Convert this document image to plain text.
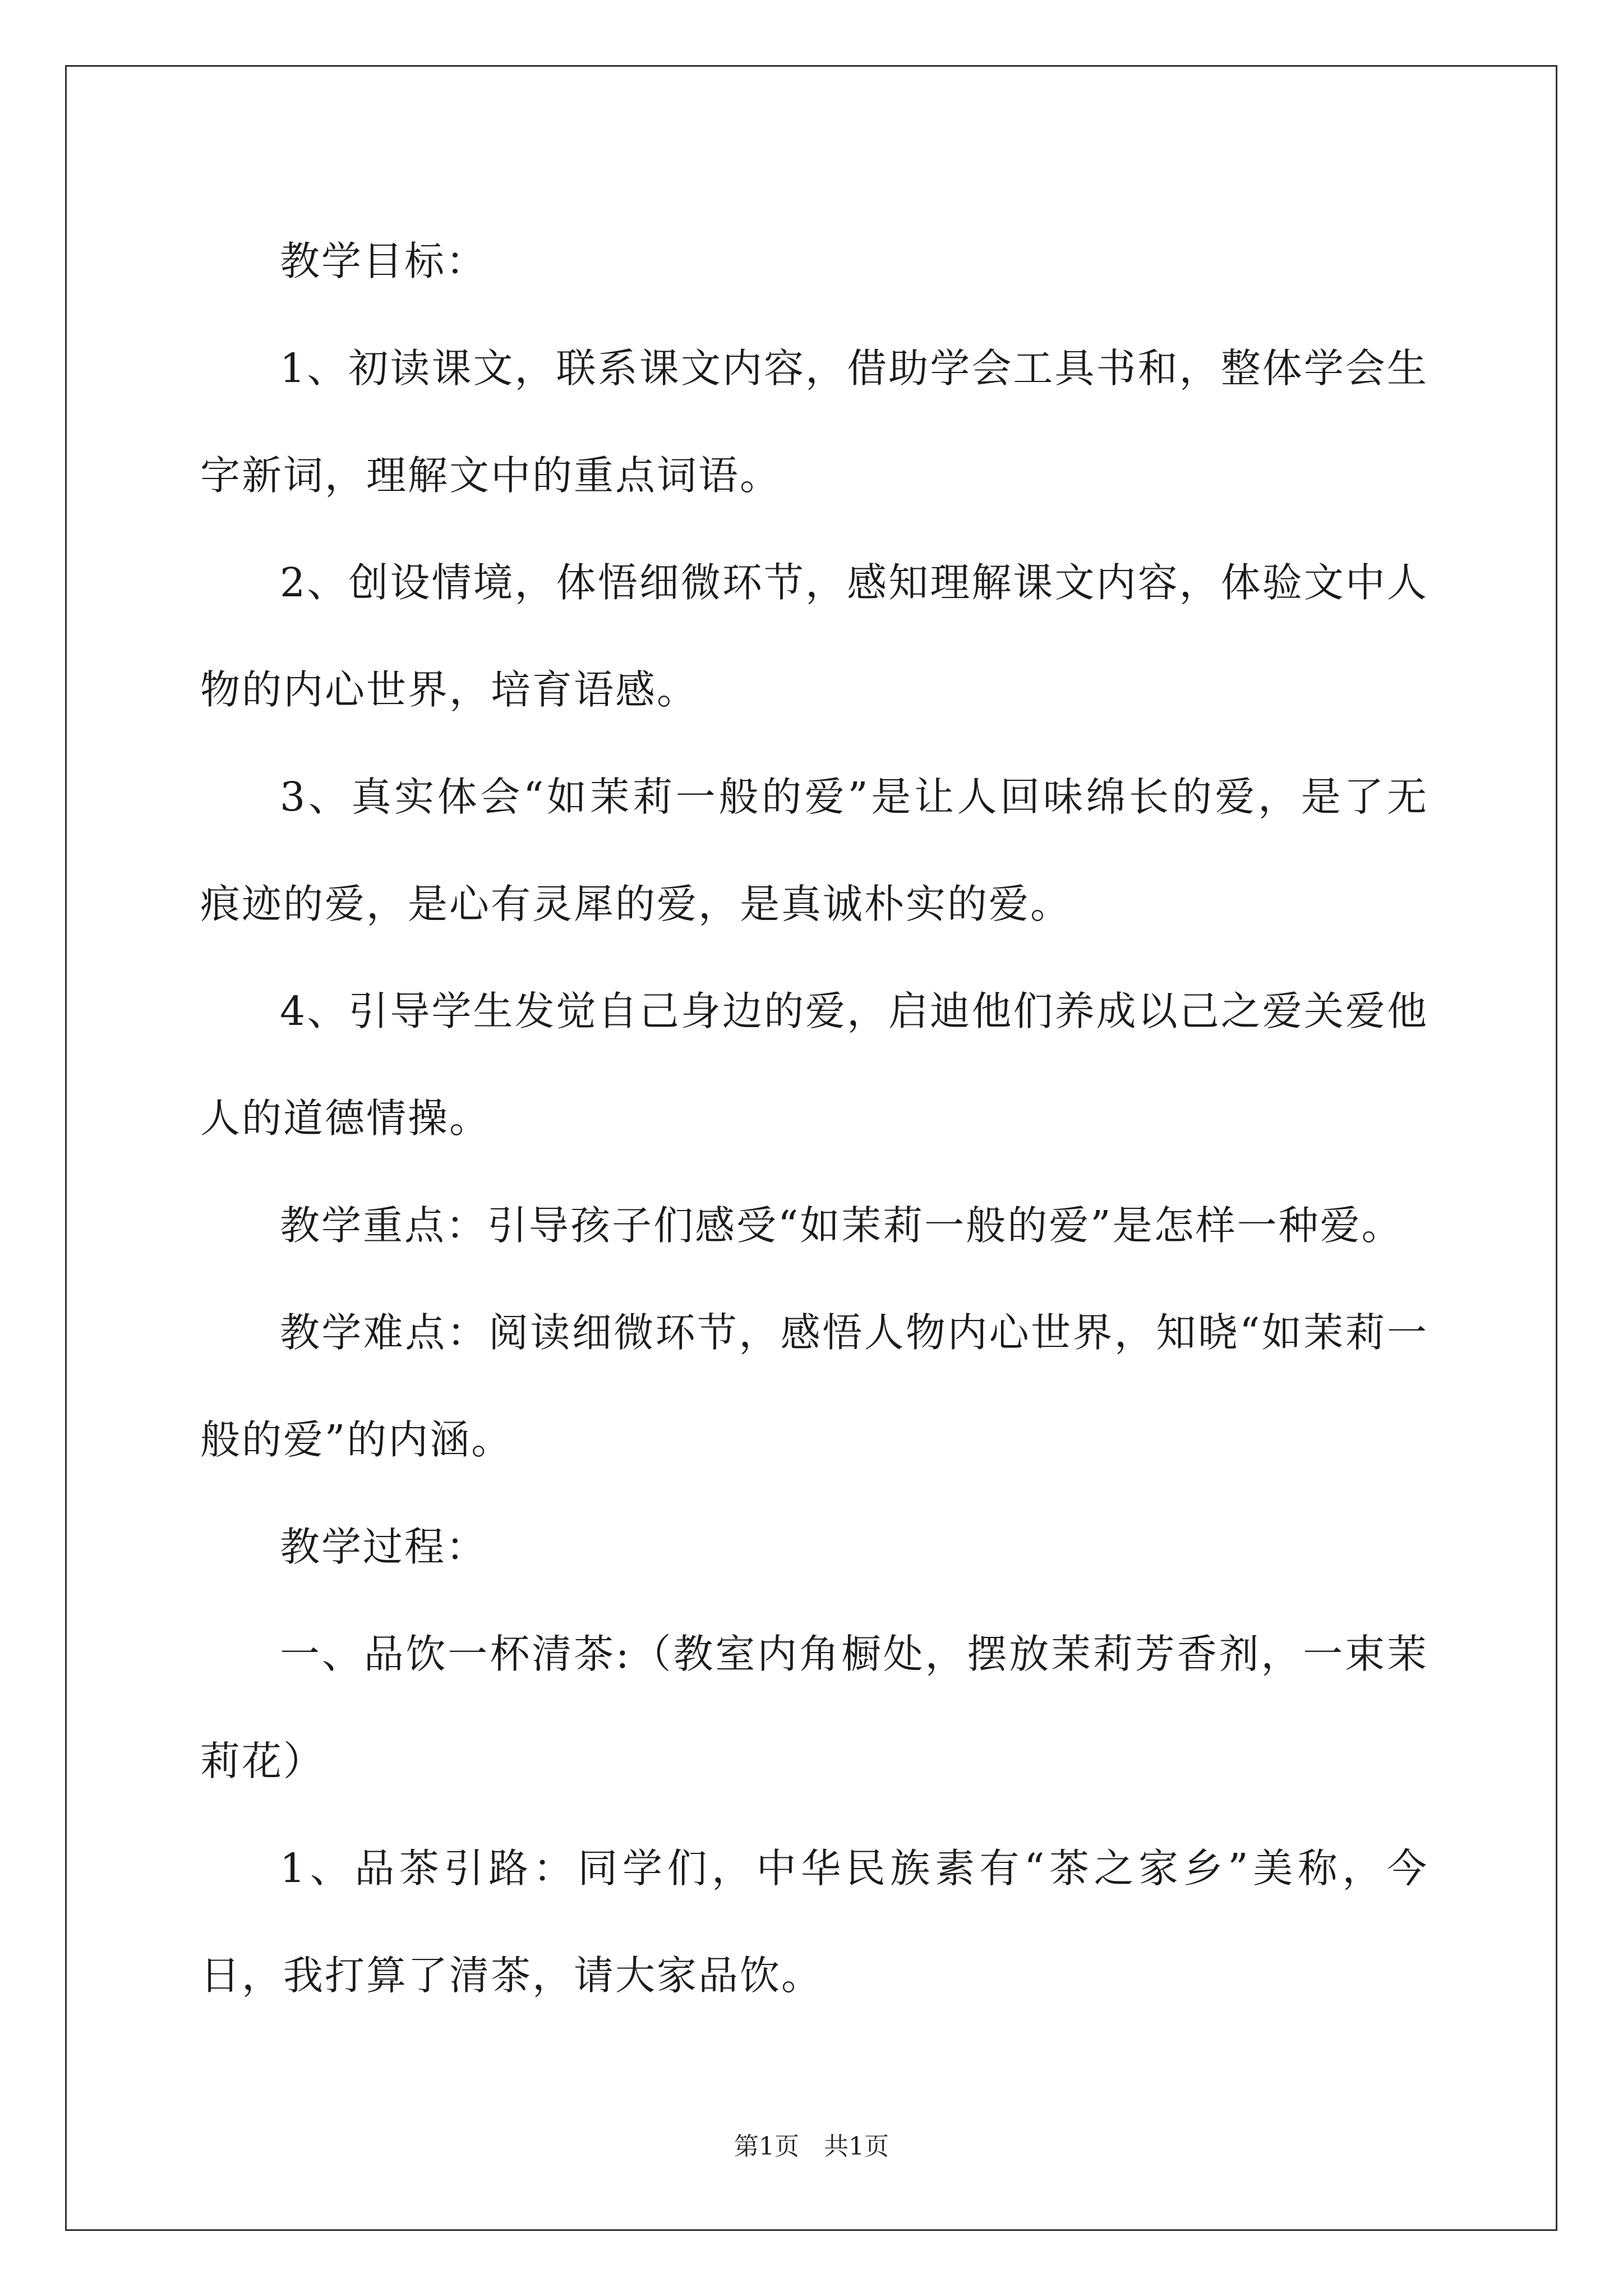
教学目标：

1、初读课文，联系课文内容，借助学会工具书和，整体学会生字新词，理解文中的重点词语。

2、创设情境，体悟细微环节，感知理解课文内容，体验文中人物的内心世界，培育语感。

3、真实体会“如茉莉一般的爱”是让人回味绵长的爱，是了无痕迹的爱，是心有灵犀的爱，是真诚朴实的爱。

4、引导学生发觉自己身边的爱，启迪他们养成以己之爱关爱他人的道德情操。

教学重点：引导孩子们感受“如茉莉一般的爱”是怎样一种爱。

教学难点：阅读细微环节，感悟人物内心世界，知晓“如茉莉一般的爱”的内涵。

教学过程：

一、品饮一杯清茶:（教室内角橱处，摆放茉莉芳香剂，一束茉莉花）

1、品茶引路：同学们，中华民族素有“茶之家乡”美称，今日，我打算了清茶，请大家品饮。

第1页 共1页
